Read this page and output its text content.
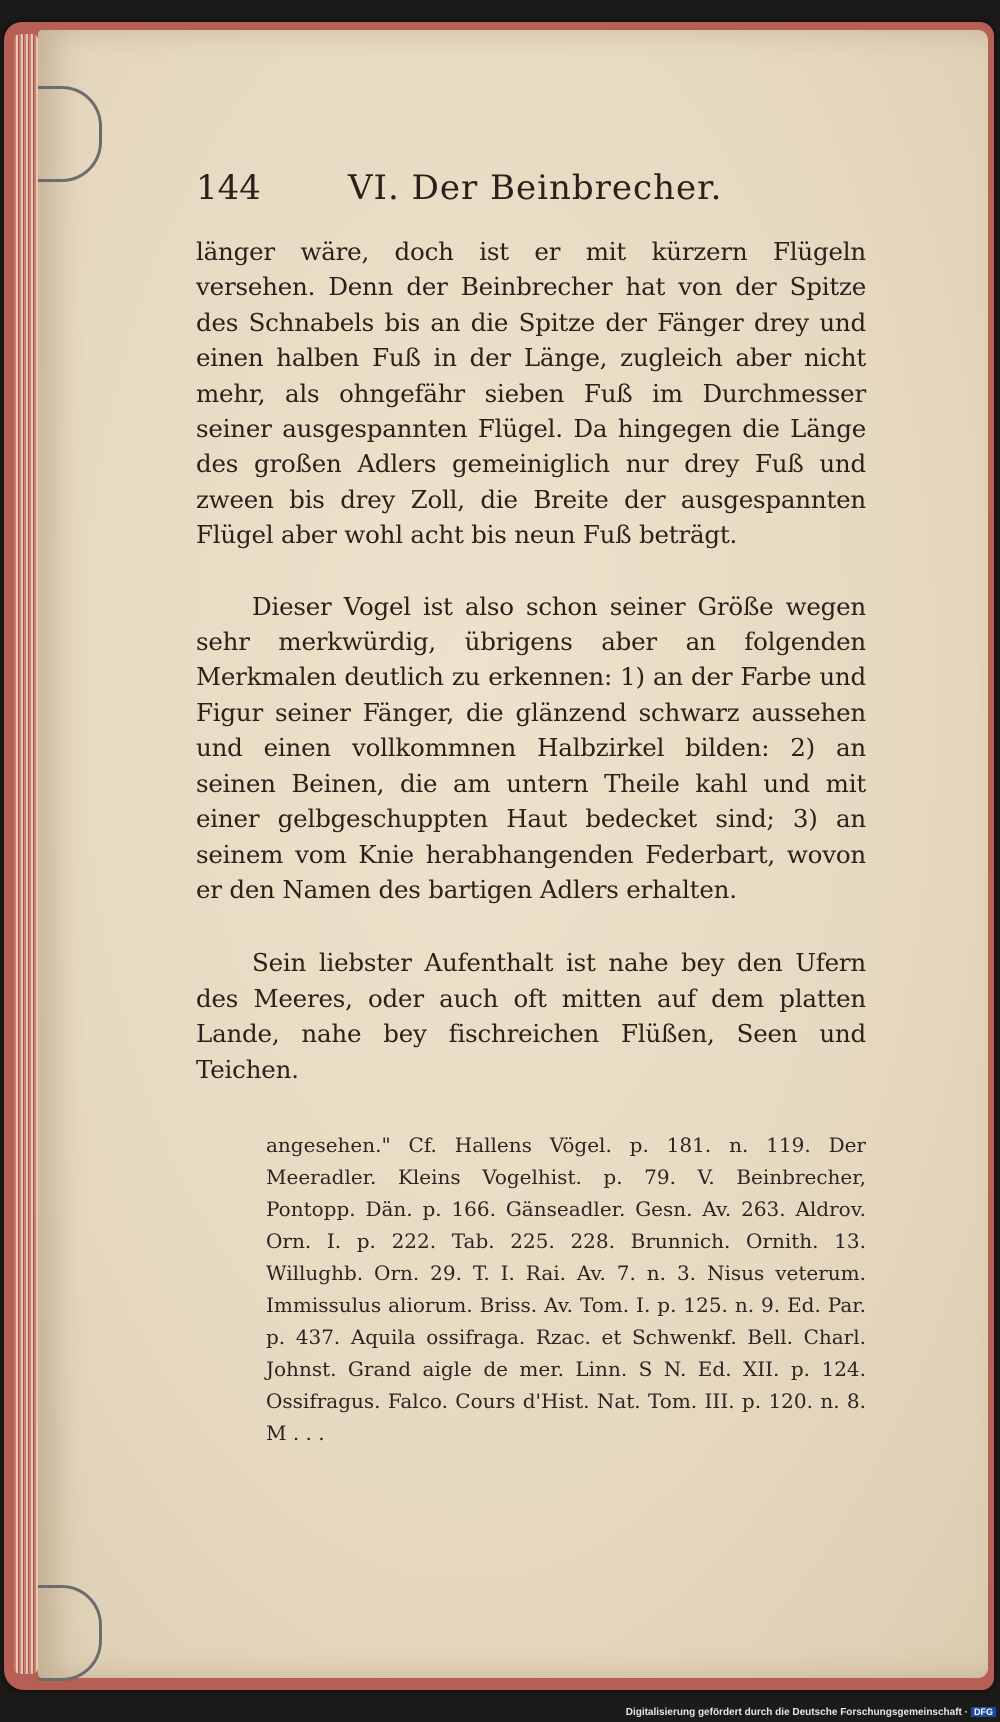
144	VI. Der Beinbrecher.

länger wäre, doch ist er mit kürzern Flügeln versehen. Denn der Beinbrecher hat von der Spitze des Schnabels bis an die Spitze der Fänger drey und einen halben Fuß in der Länge, zugleich aber nicht mehr, als ohngefähr sieben Fuß im Durchmesser seiner ausgespannten Flügel. Da hingegen die Länge des großen Adlers gemeiniglich nur drey Fuß und zween bis drey Zoll, die Breite der ausgespannten Flügel aber wohl acht bis neun Fuß beträgt.

Dieser Vogel ist also schon seiner Größe wegen sehr merkwürdig, übrigens aber an folgenden Merkmalen deutlich zu erkennen: 1) an der Farbe und Figur seiner Fänger, die glänzend schwarz aussehen und einen vollkommnen Halbzirkel bilden: 2) an seinen Beinen, die am untern Theile kahl und mit einer gelbgeschuppten Haut bedecket sind; 3) an seinem vom Knie herabhangenden Federbart, wovon er den Namen des bartigen Adlers erhalten.

Sein liebster Aufenthalt ist nahe bey den Ufern des Meeres, oder auch oft mitten auf dem platten Lande, nahe bey fischreichen Flüßen, Seen und Teichen.

angesehen." Cf. Hallens Vögel. p. 181. n. 119. Der Meeradler. Kleins Vogelhist. p. 79. V. Beinbrecher, Pontopp. Dän. p. 166. Gänseadler. Gesn. Av. 263. Aldrov. Orn. I. p. 222. Tab. 225. 228. Brunnich. Ornith. 13. Willughb. Orn. 29. T. I. Rai. Av. 7. n. 3. Nisus veterum. Immissulus aliorum. Briss. Av. Tom. I. p. 125. n. 9. Ed. Par. p. 437. Aquila ossifraga. Rzac. et Schwenkf. Bell. Charl. Johnst. Grand aigle de mer. Linn. S N. Ed. XII. p. 124. Ossifragus. Falco. Cours d'Hist. Nat. Tom. III. p. 120. n. 8. M . . .

Digitalisierung gefördert durch die Deutsche Forschungsgemeinschaft · DFG
